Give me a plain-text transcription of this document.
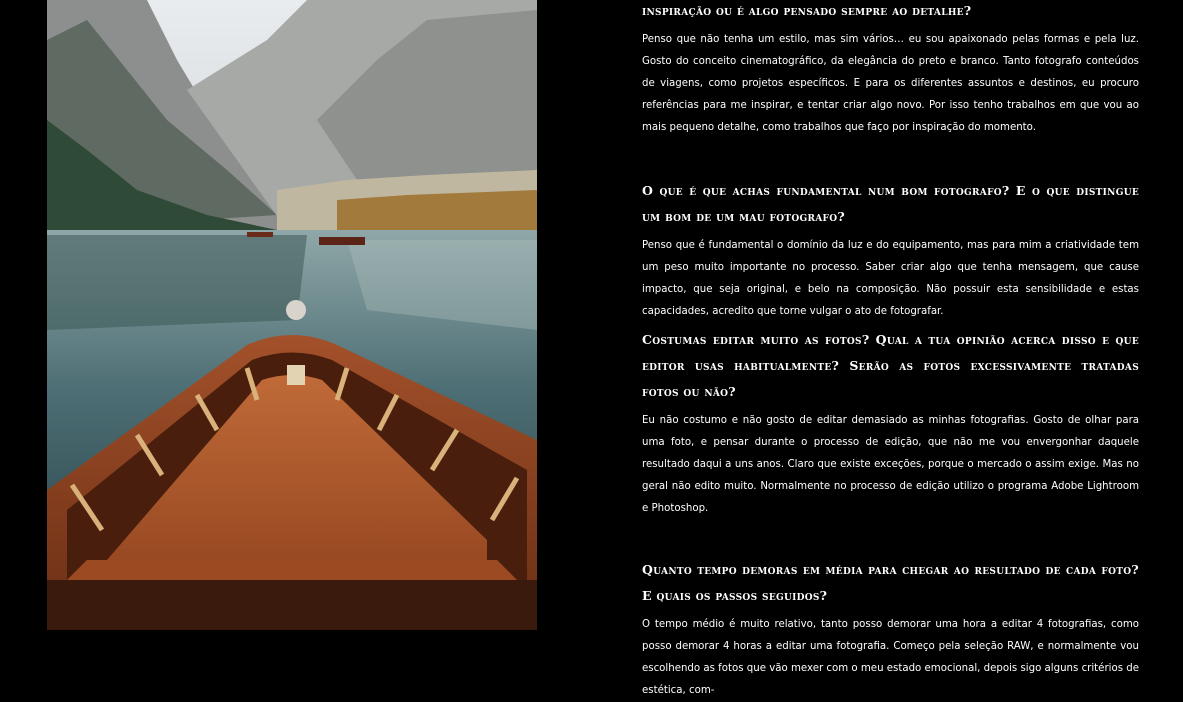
inspiração ou é algo pensado sempre ao detalhe?

Penso que não tenha um estilo, mas sim vários… eu sou apaixonado pelas formas e pela luz. Gosto do conceito cinematográfico, da elegância do preto e branco. Tanto fotografo conteúdos de viagens, como projetos específicos. E para os diferentes assuntos e destinos, eu procuro referências para me inspirar, e tentar criar algo novo. Por isso tenho trabalhos em que vou ao mais pequeno detalhe, como trabalhos que faço por inspiração do momento.

O que é que achas fundamental num bom fotografo? E o que distingue um bom de um mau fotografo?

Penso que é fundamental o domínio da luz e do equipamento, mas para mim a criatividade tem um peso muito importante no processo. Saber criar algo que tenha mensagem, que cause impacto, que seja original, e belo na composição. Não possuir esta sensibilidade e estas capacidades, acredito que torne vulgar o ato de fotografar.

Costumas editar muito as fotos? Qual a tua opinião acerca disso e que editor usas habitualmente? Serão as fotos excessivamente tratadas fotos ou não?

Eu não costumo e não gosto de editar demasiado as minhas fotografias. Gosto de olhar para uma foto, e pensar durante o processo de edição, que não me vou envergonhar daquele resultado daqui a uns anos. Claro que existe exceções, porque o mercado o assim exige. Mas no geral não edito muito. Normalmente no processo de edição utilizo o programa Adobe Lightroom e Photoshop.

Quanto tempo demoras em média para chegar ao resultado de cada foto? E quais os passos seguidos?

O tempo médio é muito relativo, tanto posso demorar uma hora a editar 4 fotografias, como posso demorar 4 horas a editar uma fotografia. Começo pela seleção RAW, e normalmente vou escolhendo as fotos que vão mexer com o meu estado emocional, depois sigo alguns critérios de estética, com-
